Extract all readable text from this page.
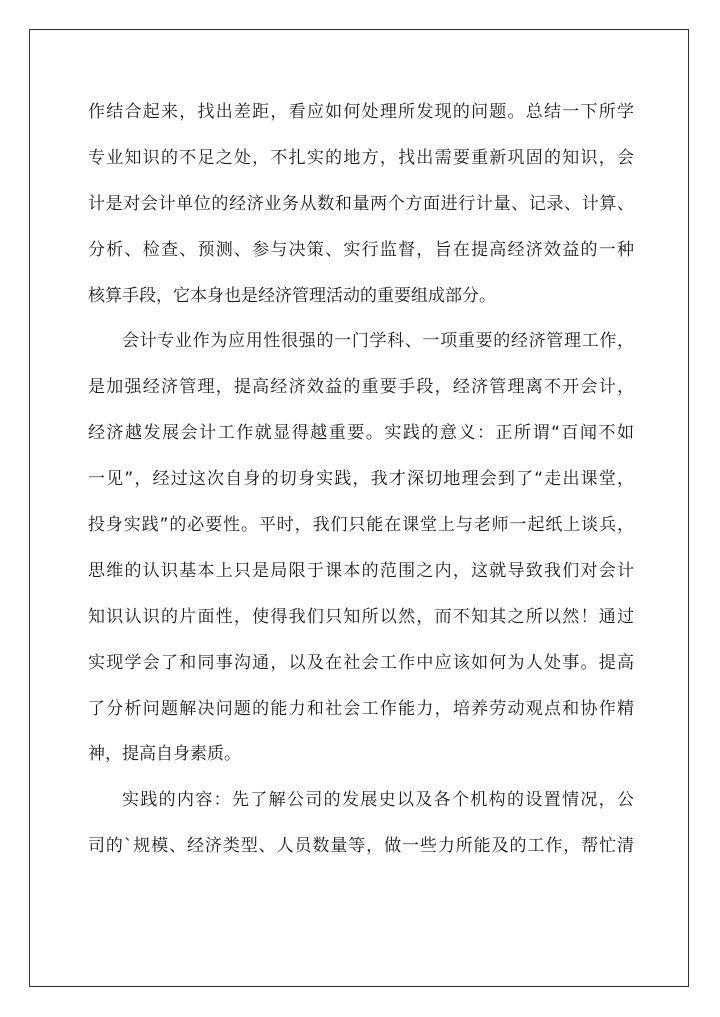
作结合起来，找出差距，看应如何处理所发现的问题。总结一下所学
专业知识的不足之处，不扎实的地方，找出需要重新巩固的知识，会
计是对会计单位的经济业务从数和量两个方面进行计量、记录、计算、
分析、检查、预测、参与决策、实行监督，旨在提高经济效益的一种
核算手段，它本身也是经济管理活动的重要组成部分。
会计专业作为应用性很强的一门学科、一项重要的经济管理工作，
是加强经济管理，提高经济效益的重要手段，经济管理离不开会计，
经济越发展会计工作就显得越重要。实践的意义：正所谓“百闻不如
一见”，经过这次自身的切身实践，我才深切地理会到了“走出课堂，
投身实践”的必要性。平时，我们只能在课堂上与老师一起纸上谈兵，
思维的认识基本上只是局限于课本的范围之内，这就导致我们对会计
知识认识的片面性，使得我们只知所以然，而不知其之所以然！通过
实现学会了和同事沟通，以及在社会工作中应该如何为人处事。提高
了分析问题解决问题的能力和社会工作能力，培养劳动观点和协作精
神，提高自身素质。
实践的内容：先了解公司的发展史以及各个机构的设置情况，公
司的`规模、经济类型、人员数量等，做一些力所能及的工作，帮忙清
